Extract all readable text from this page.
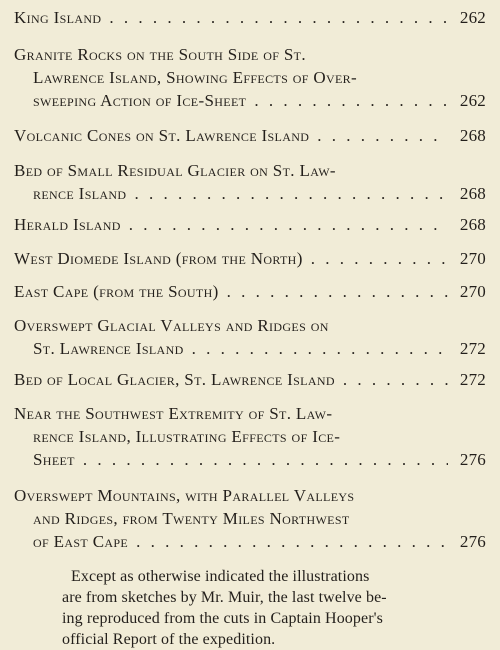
King Island . . .	262
Granite Rocks on the South Side of St.
Lawrence Island, Showing Effects of Over-
sweeping Action of Ice-Sheet . . .	262
Volcanic Cones on St. Lawrence Island . . .	268
Bed of Small Residual Glacier on St. Law-
rence Island . . .	268
Herald Island . . .	268
West Diomede Island (from the North) . . .	270
East Cape (from the South) . . .	270
Overswept Glacial Valleys and Ridges on
St. Lawrence Island . . .	272
Bed of Local Glacier, St. Lawrence Island . . .	272
Near the Southwest Extremity of St. Law-
rence Island, Illustrating Effects of Ice-
Sheet . . .	276
Overswept Mountains, with Parallel Valleys
and Ridges, from Twenty Miles Northwest
of East Cape . . .	276
Except as otherwise indicated the illustrations
are from sketches by Mr. Muir, the last twelve be-
ing reproduced from the cuts in Captain Hooper's
official Report of the expedition.
